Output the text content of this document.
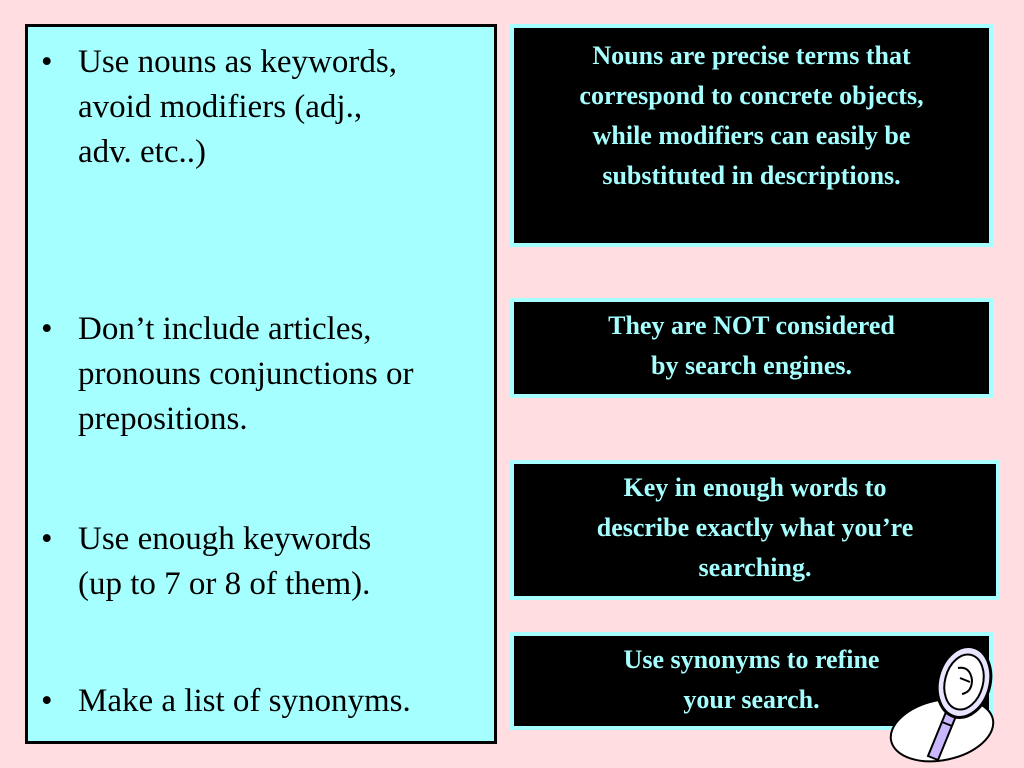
• Use nouns as keywords,
avoid modifiers (adj.,
adv. etc..)
• Don’t include articles,
pronouns conjunctions or
prepositions.
• Use enough keywords
(up to 7 or 8 of them).
• Make a list of synonyms.
Nouns are precise terms that
correspond to concrete objects,
while modifiers can easily be
substituted in descriptions.
They are NOT considered
by search engines.
Key in enough words to
describe exactly what you’re
searching.
Use synonyms to refine
your search.
